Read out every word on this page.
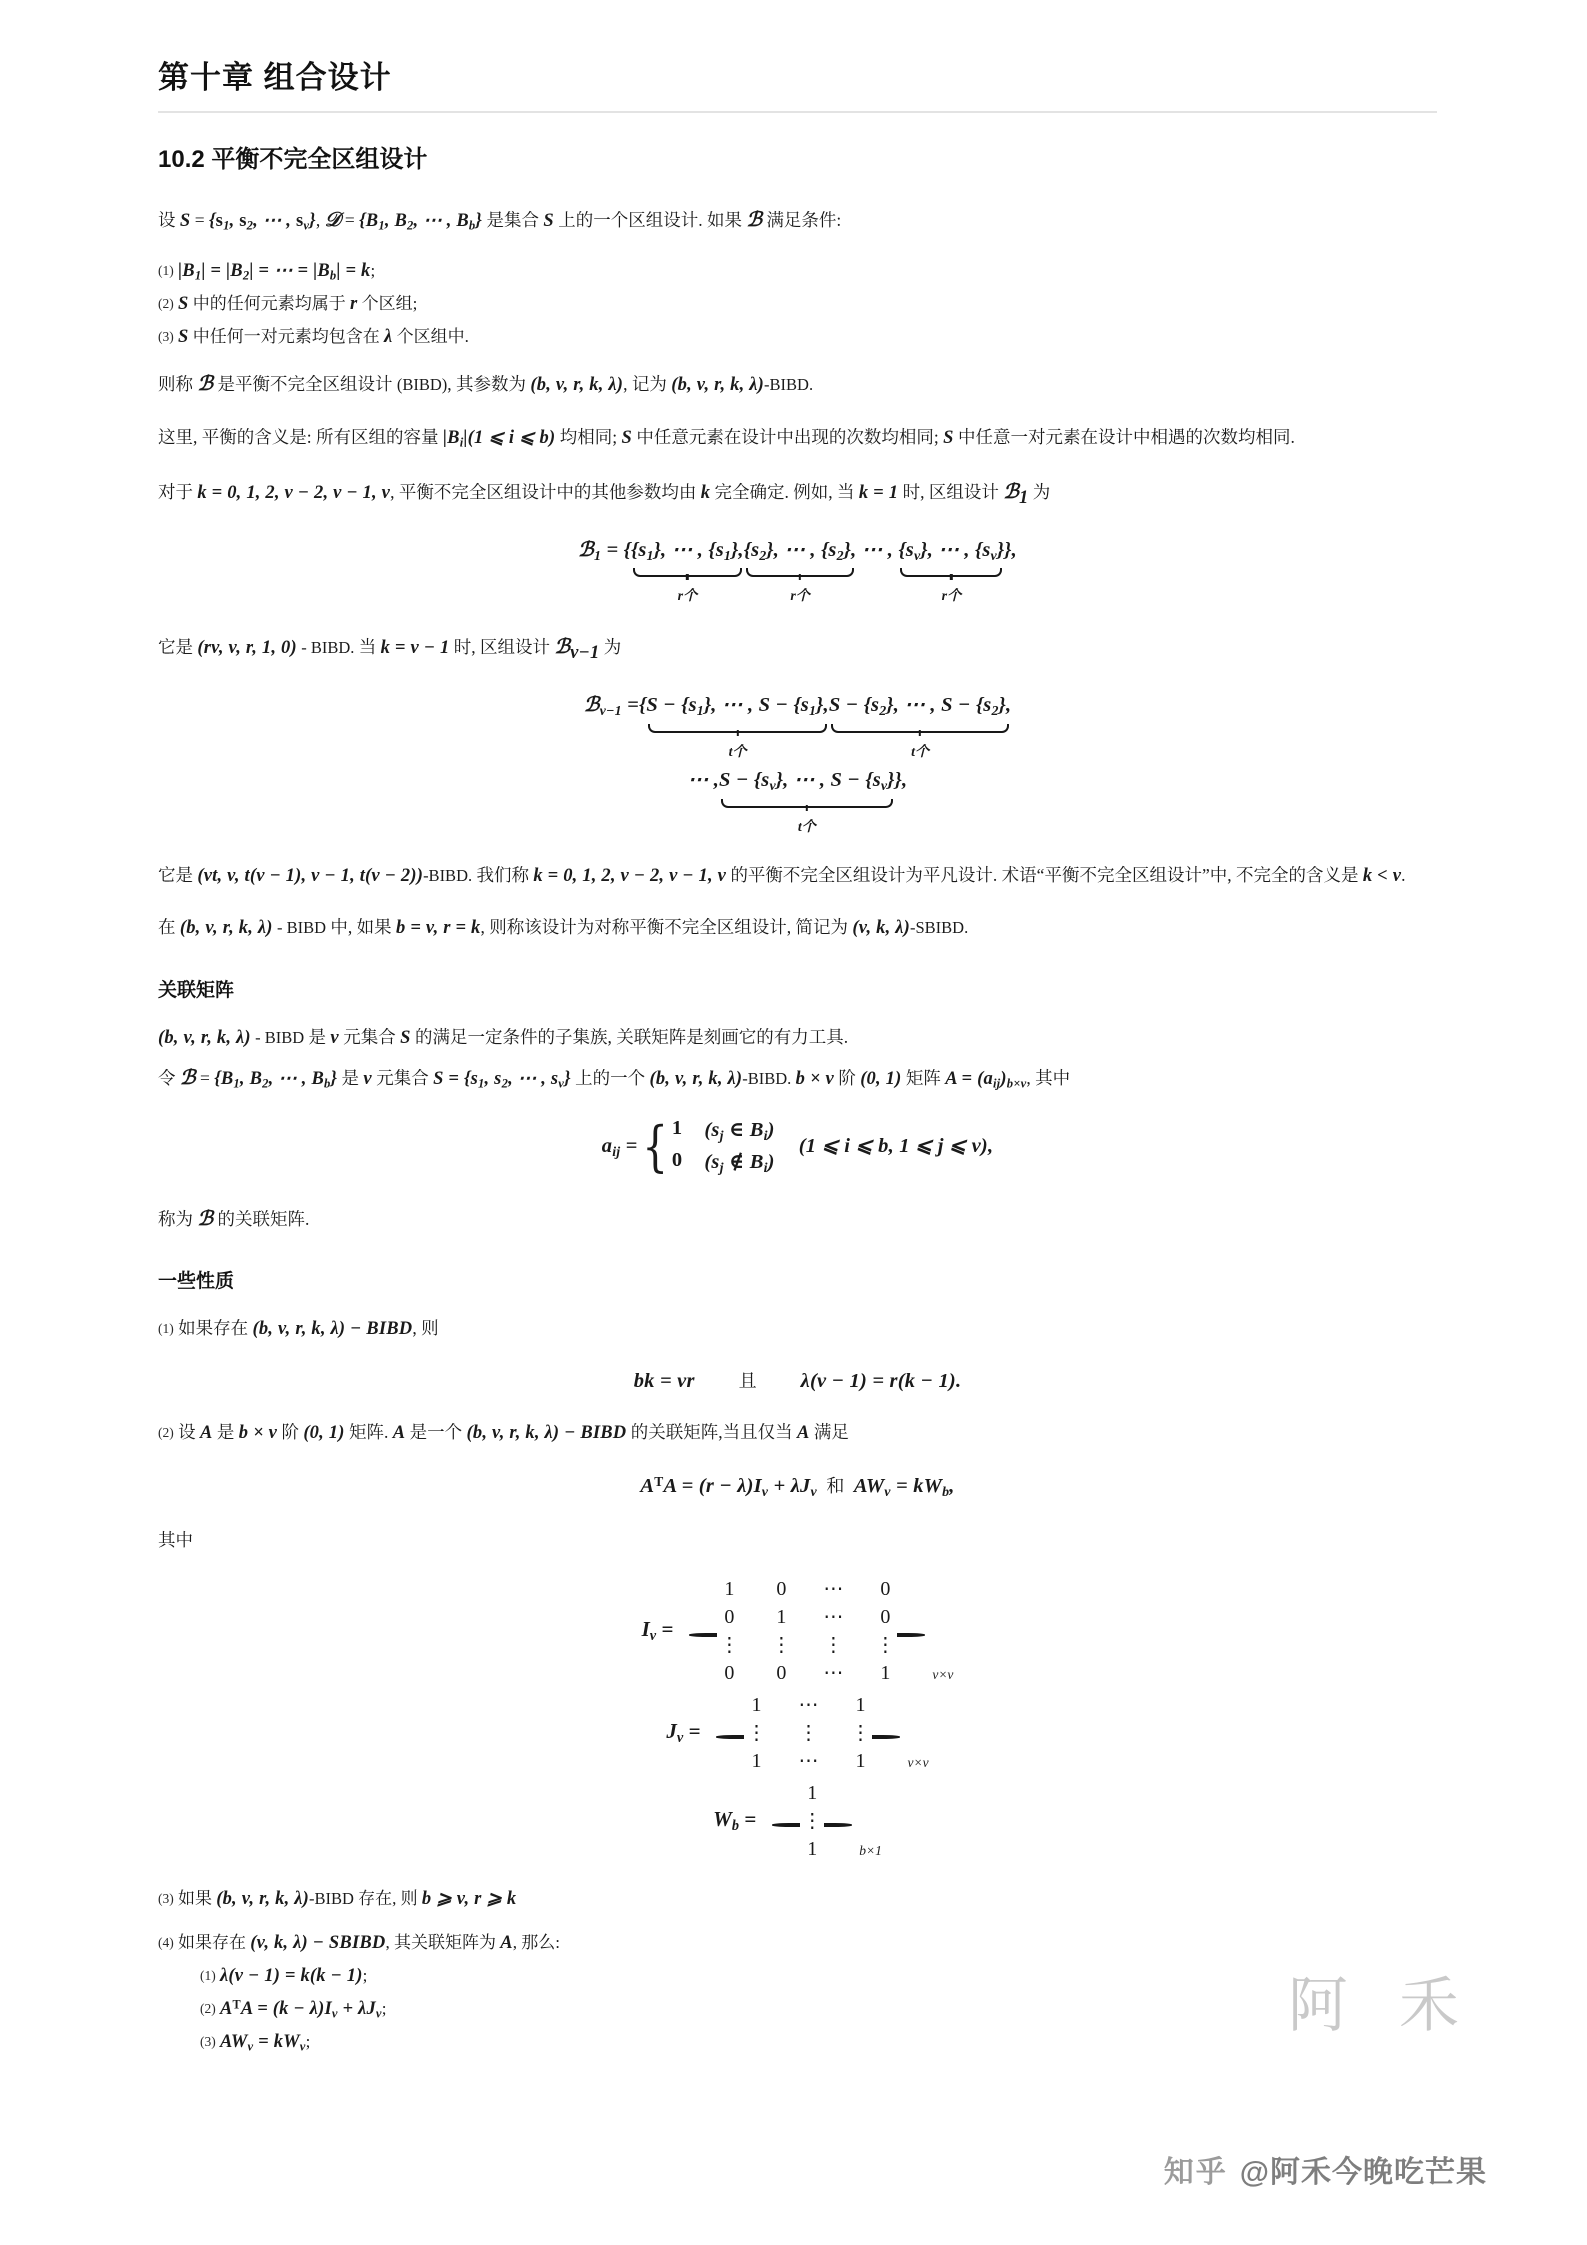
第十章 组合设计
10.2 平衡不完全区组设计

设 $S = \{s_1$, $s_2$, ⋯ , $s_v$}, 𝒟 = {$B_1$, $B_2$, ⋯ , $B_b$} 是集合 S 上的一个区组设计. 如果 ℬ 满足条件:

(1) $|B_1| = |B_2|$ = ⋯ = $|B_b| = k$;

(2) S 中的任何元素均属于 r 个区组;

(3) S 中任何一对元素均包含在 λ 个区组中.

则称 ℬ 是平衡不完全区组设计 (BIBD), 其参数为 (b, v, r, k, λ), 记为 (b, v, r, k, λ)-BIBD.

这里, 平衡的含义是: 所有区组的容量 $|B_i|(1$ ⩽ i ⩽ b) 均相同; S 中任意元素在设计中出现的次数均相同; S 中任意一对元素在设计中相遇的次数均相同.

对于 k = 0, 1, 2, v − 2, v − 1, v, 平衡不完全区组设计中的其他参数均由 k 完全确定. 例如, 当 k = 1 时, 区组设计 ℬ$_1$ 为

ℬ$_1$ = { $\{s_1\}$, ⋯ , $\{s_1\}$,
r个
$\{s_2\}$, ⋯ , $\{s_2\}$,
r个
⋯ , $\{s_v\}$, ⋯ , $\{s_v\}$
r个
},

它是 (rv, v, r, 1, 0) - BIBD. 当 k = v − 1 时, 区组设计 ℬ$_{v-1}$ 为

ℬ$_{v-1}$ ={ $S - \{s_1\}$, ⋯ , $S - \{s_1\}$,
t个
$S - \{s_2\}$, ⋯ , $S - \{s_2\}$,
t个
⋯ , $S - \{s_v\}$, ⋯ , $S - \{s_v\}$
t个
},

它是 (vt, v, t(v − 1), v − 1, t(v − 2))-BIBD. 我们称 k = 0, 1, 2, v − 2, v − 1, v 的平衡不完全区组设计为平凡设计. 术语“平衡不完全区组设计”中, 不完全的含义是 k < v.

在 (b, v, r, k, λ) - BIBD 中, 如果 b = v, r = k, 则称该设计为对称平衡不完全区组设计, 简记为 (v, k, λ)-SBIBD.

关联矩阵

(b, v, r, k, λ) - BIBD 是 v 元集合 S 的满足一定条件的子集族, 关联矩阵是刻画它的有力工具.

令 ℬ = {$B_1$, $B_2$, ⋯ , $B_b$} 是 v 元集合 $S = \{s_1$, $s_2$, ⋯ , $s_v$} 上的一个 (b, v, r, k, λ)-BIBD. b × v 阶 (0, 1) 矩阵 $A = (a_{ij})_{b\times v}$, 其中

$a_{ij}$ ={ 1 ($s_j$ ∈ $B_i$)
0 ($s_j$ ∉ $B_i$)
(1 ⩽ i ⩽ b, 1 ⩽ j ⩽ v),

称为 ℬ 的关联矩阵.

一些性质

(1) 如果存在 (b, v, r, k, λ) − BIBD, 则

bk = vr 且 λ(v − 1) = r(k − 1).

(2) 设 A 是 b × v 阶 (0, 1) 矩阵. A 是一个 (b, v, r, k, λ) − BIBD 的关联矩阵,当且仅当 A 满足

$A^TA = (r - \lambda)I_v + \lambda J_v$  和  $AW_v = kW_b$,

其中

$I_v$ =
1	0	⋯	0
0	1	⋯	0
⋮	⋮	⋮	⋮
0	0	⋯	1	v×v
$J_v$ =
1	⋯	1
⋮	⋮	⋮
1	⋯	1	v×v
$W_b$ =
1
⋮
1	b×1

(3) 如果 (b, v, r, k, λ)-BIBD 存在, 则 b ⩾ v, r ⩾ k

(4) 如果存在 (v, k, λ) − SBIBD, 其关联矩阵为 A, 那么:

(1) λ(v − 1) = k(k − 1);

(2) $A^TA = (k - \lambda)I_v + \lambda J_v$;

(3) $AW_v = kW_v$;

阿 禾
知乎 @阿禾今晚吃芒果
